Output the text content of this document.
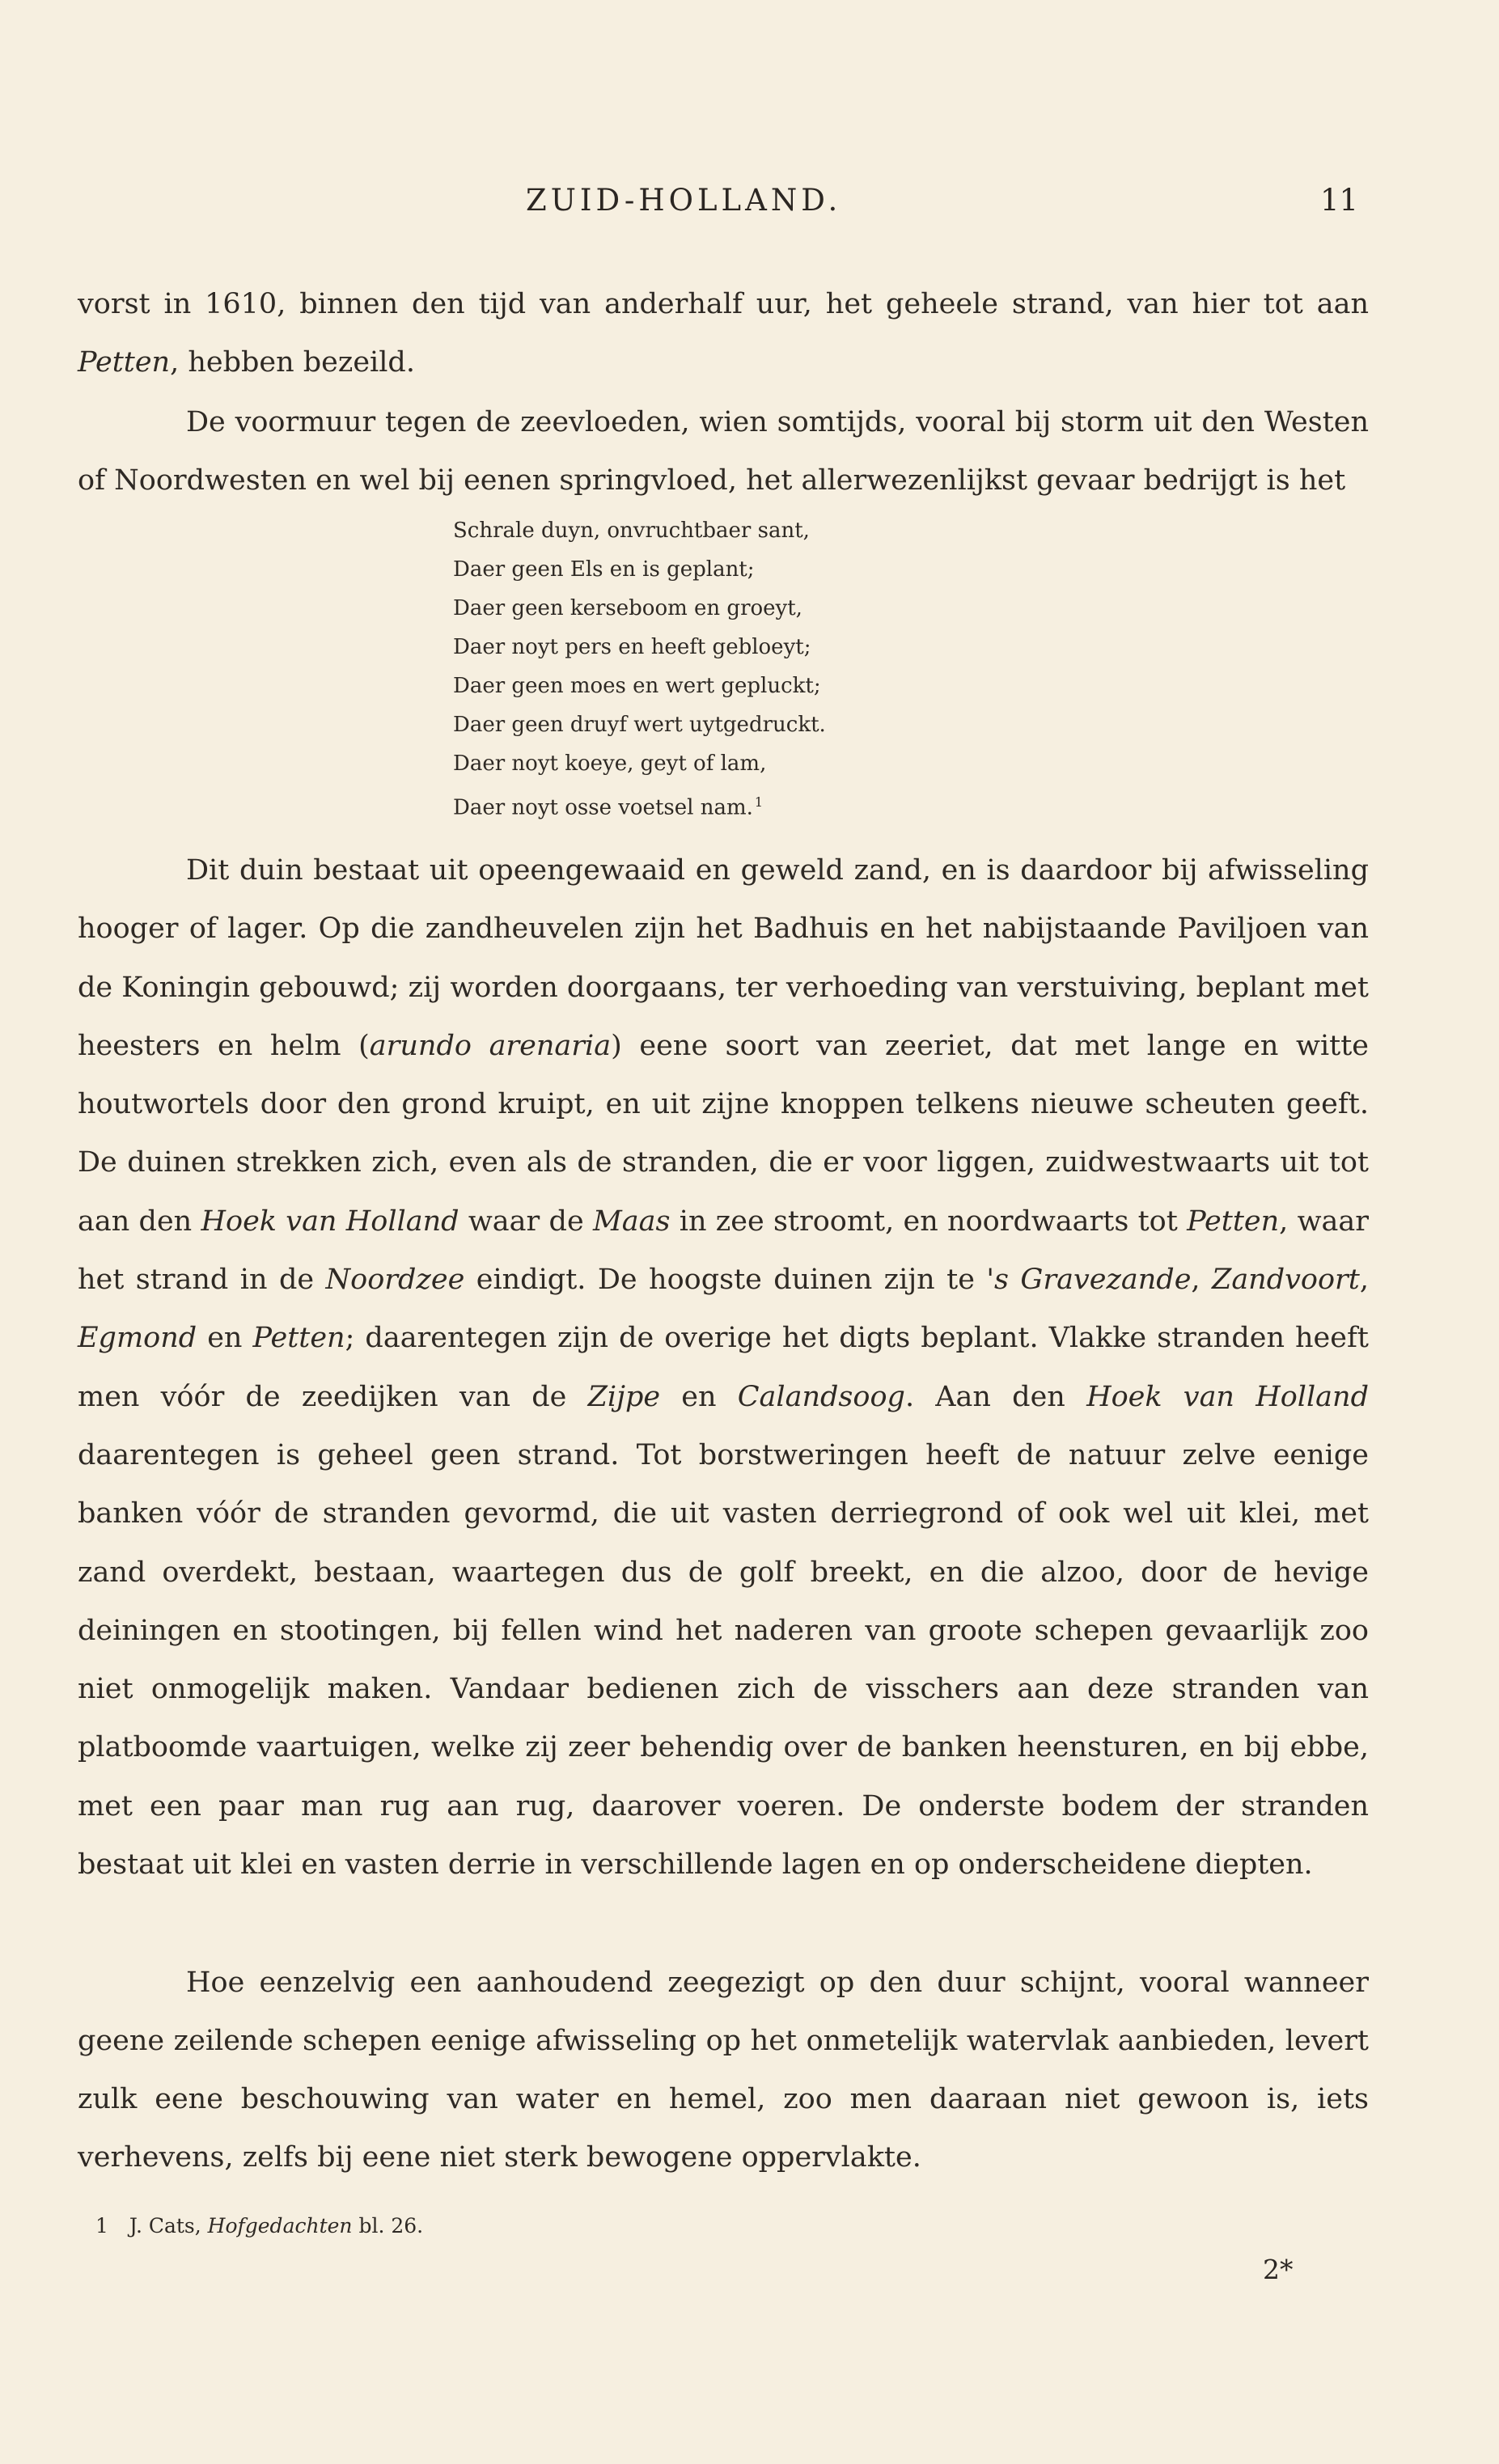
ZUID-HOLLAND.	11

vorst in 1610, binnen den tijd van anderhalf uur, het geheele strand, van hier tot aan Petten, hebben bezeild.

De voormuur tegen de zeevloeden, wien somtijds, vooral bij storm uit den Westen of Noordwesten en wel bij eenen springvloed, het allerwezenlijkst gevaar bedrijgt is het

Schrale duyn, onvruchtbaer sant,
Daer geen Els en is geplant;
Daer geen kerseboom en groeyt,
Daer noyt pers en heeft gebloeyt;
Daer geen moes en wert gepluckt;
Daer geen druyf wert uytgedruckt.
Daer noyt koeye, geyt of lam,
Daer noyt osse voetsel nam. $^1$

Dit duin bestaat uit opeengewaaid en geweld zand, en is daardoor bij afwisseling hooger of lager. Op die zandheuvelen zijn het Badhuis en het nabijstaande Paviljoen van de Koningin gebouwd; zij worden doorgaans, ter verhoeding van verstuiving, beplant met heesters en helm (arundo arenaria) eene soort van zeeriet, dat met lange en witte houtwortels door den grond kruipt, en uit zijne knoppen telkens nieuwe scheuten geeft. De duinen strekken zich, even als de stranden, die er voor liggen, zuidwestwaarts uit tot aan den Hoek van Holland waar de Maas in zee stroomt, en noordwaarts tot Petten, waar het strand in de Noordzee eindigt. De hoogste duinen zijn te 's Gravezande, Zandvoort, Egmond en Petten; daarentegen zijn de overige het digts beplant. Vlakke stranden heeft men vóór de zeedijken van de Zijpe en Calandsoog. Aan den Hoek van Holland daarentegen is geheel geen strand. Tot borstweringen heeft de natuur zelve eenige banken vóór de stranden gevormd, die uit vasten derriegrond of ook wel uit klei, met zand overdekt, bestaan, waartegen dus de golf breekt, en die alzoo, door de hevige deiningen en stootingen, bij fellen wind het naderen van groote schepen gevaarlijk zoo niet onmogelijk maken. Vandaar bedienen zich de visschers aan deze stranden van platboomde vaartuigen, welke zij zeer behendig over de banken heensturen, en bij ebbe, met een paar man rug aan rug, daarover voeren. De onderste bodem der stranden bestaat uit klei en vasten derrie in verschillende lagen en op onderscheidene diepten.

Hoe eenzelvig een aanhoudend zeegezigt op den duur schijnt, vooral wanneer geene zeilende schepen eenige afwisseling op het onmetelijk watervlak aanbieden, levert zulk eene beschouwing van water en hemel, zoo men daaraan niet gewoon is, iets verhevens, zelfs bij eene niet sterk bewogene oppervlakte.

1 J. Cats, Hofgedachten bl. 26.
2*
